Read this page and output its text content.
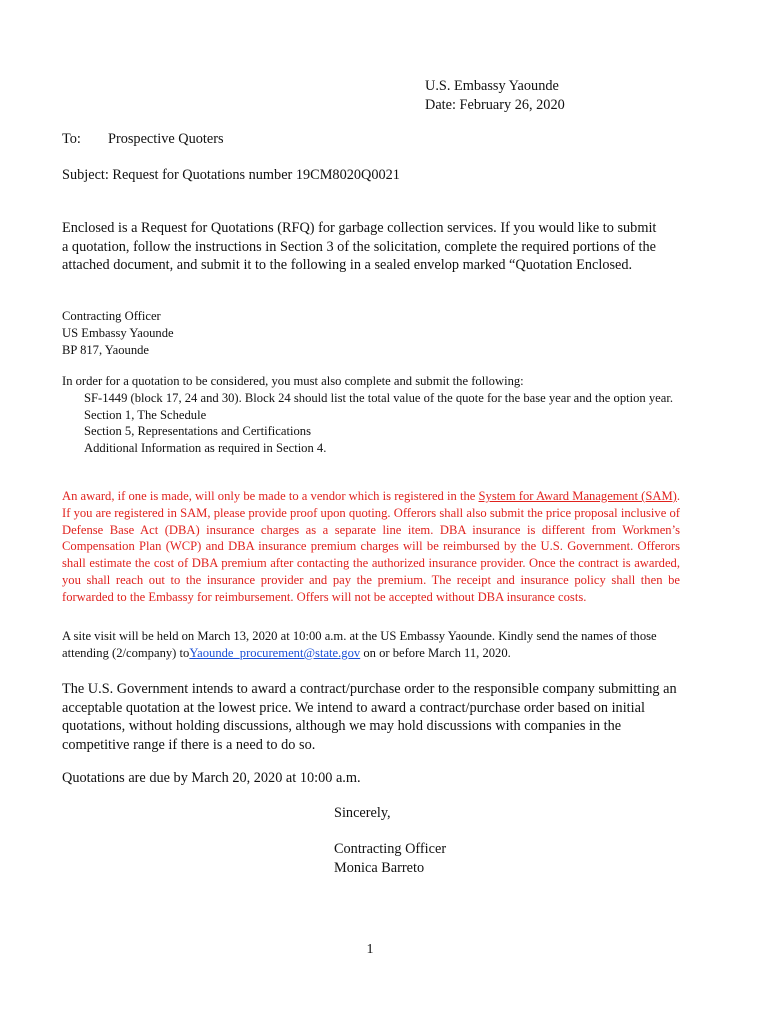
U.S. Embassy Yaounde
Date: February 26, 2020
To: Prospective Quoters
Subject: Request for Quotations number 19CM8020Q0021
Enclosed is a Request for Quotations (RFQ) for garbage collection services. If you would like to submit a quotation, follow the instructions in Section 3 of the solicitation, complete the required portions of the attached document, and submit it to the following in a sealed envelop marked “Quotation Enclosed.
Contracting Officer
US Embassy Yaounde
BP 817, Yaounde
In order for a quotation to be considered, you must also complete and submit the following:
SF-1449 (block 17, 24 and 30). Block 24 should list the total value of the quote for the base year and the option year.
Section 1, The Schedule
Section 5, Representations and Certifications
Additional Information as required in Section 4.
An award, if one is made, will only be made to a vendor which is registered in the System for Award Management (SAM). If you are registered in SAM, please provide proof upon quoting. Offerors shall also submit the price proposal inclusive of Defense Base Act (DBA) insurance charges as a separate line item. DBA insurance is different from Workmen’s Compensation Plan (WCP) and DBA insurance premium charges will be reimbursed by the U.S. Government. Offerors shall estimate the cost of DBA premium after contacting the authorized insurance provider. Once the contract is awarded, you shall reach out to the insurance provider and pay the premium. The receipt and insurance policy shall then be forwarded to the Embassy for reimbursement. Offers will not be accepted without DBA insurance costs.
A site visit will be held on March 13, 2020 at 10:00 a.m. at the US Embassy Yaounde. Kindly send the names of those attending (2/company) toYaounde_procurement@state.gov on or before March 11, 2020.
The U.S. Government intends to award a contract/purchase order to the responsible company submitting an acceptable quotation at the lowest price. We intend to award a contract/purchase order based on initial quotations, without holding discussions, although we may hold discussions with companies in the competitive range if there is a need to do so.
Quotations are due by March 20, 2020 at 10:00 a.m.
Sincerely,
Contracting Officer
Monica Barreto
1
